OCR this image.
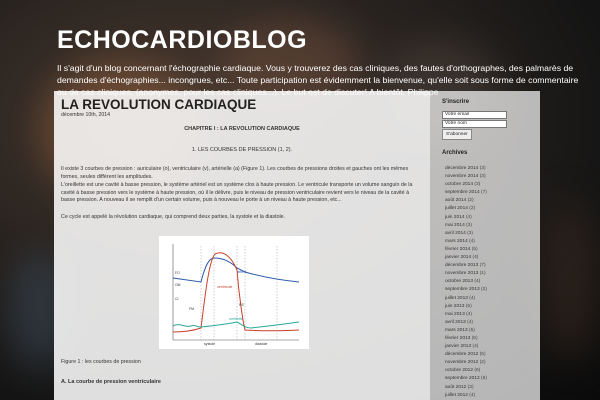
ECHOCARDIOBLOG
Il s'agit d'un blog concernant l'échographie cardiaque. Vous y trouverez des cas cliniques, des fautes d'orthographes, des palmarès de demandes d'échographies... incongrues, etc... Toute participation est évidemment la bienvenue, qu'elle soit sous forme de commentaire
LA REVOLUTION CARDIAQUE
décembre 10th, 2014
CHAPITRE I : LA REVOLUTION CARDIAQUE
1. LES COURBES DE PRESSION (1, 2).
Il existe 3 courbes de pression : auriculaire (o), ventriculaire (v), artérielle (a) (Figure 1). Les courbes de pressions droites et gauches ont les mêmes formes, seules diffèrent les amplitudes.
L'oreillette est une cavité à basse pression, le système artériel est un système clos à haute pression. Le ventricule transporte un volume sanguin de la cavité à basse pression vers le système à haute pression, où il le délivre, puis le niveau de pression ventriculaire revient vers le niveau de la cavité à basse pression. A nouveau il se remplit d'un certain volume, puis à nouveau le porte à un niveau à haute pression, etc...
Ce cycle est appelé la révolution cardiaque, qui comprend deux parties, la systole et la diastole.
artère
ventricule
oreillette
systole	diastole
FO
OM
FM
CI
RS
Figure 1 : les courbes de pression
A. La courbe de pression ventriculaire
S'inscrire
Votre email
Votre nom
S'abonner
Archives
décembre 2014 (3)
novembre 2014 (3)
octobre 2014 (3)
septembre 2014 (7)
août 2014 (2)
juillet 2014 (2)
juin 2014 (4)
mai 2014 (3)
avril 2014 (3)
mars 2014 (4)
février 2014 (5)
janvier 2014 (4)
décembre 2013 (7)
novembre 2013 (1)
octobre 2013 (4)
septembre 2013 (2)
juillet 2013 (4)
juin 2013 (6)
mai 2013 (4)
avril 2013 (4)
mars 2013 (5)
février 2013 (5)
janvier 2013 (4)
décembre 2012 (5)
novembre 2012 (2)
octobre 2012 (6)
septembre 2012 (5)
août 2012 (3)
juillet 2012 (4)
